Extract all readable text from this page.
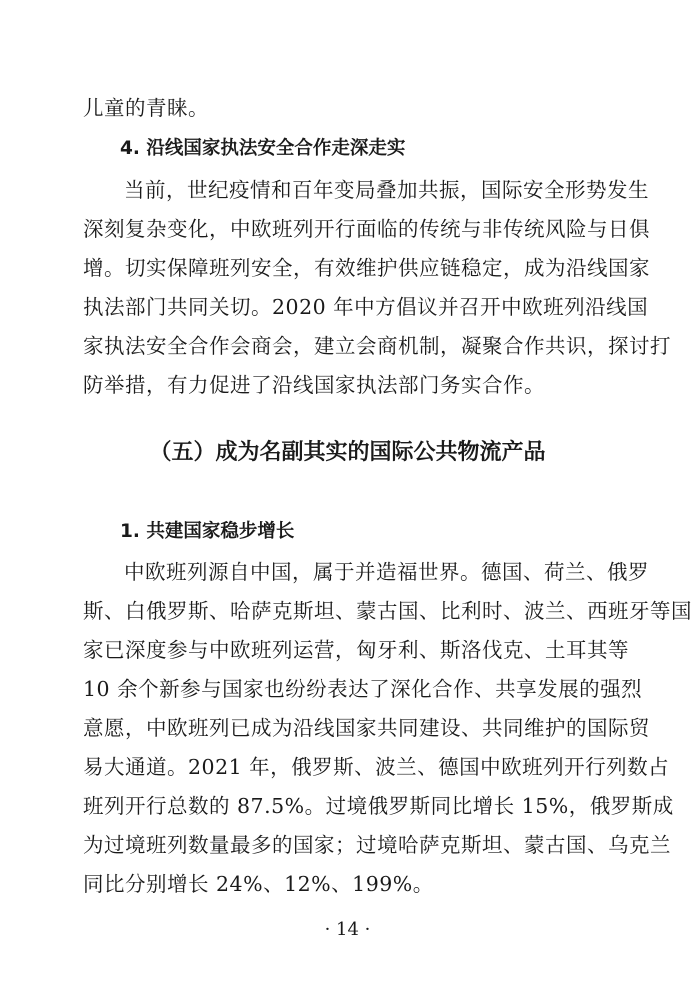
儿童的青睐。
4. 沿线国家执法安全合作走深走实
当前，世纪疫情和百年变局叠加共振，国际安全形势发生
深刻复杂变化，中欧班列开行面临的传统与非传统风险与日俱
增。切实保障班列安全，有效维护供应链稳定，成为沿线国家
执法部门共同关切。2020 年中方倡议并召开中欧班列沿线国
家执法安全合作会商会，建立会商机制，凝聚合作共识，探讨打
防举措，有力促进了沿线国家执法部门务实合作。
（五）成为名副其实的国际公共物流产品
1. 共建国家稳步增长
中欧班列源自中国，属于并造福世界。德国、荷兰、俄罗
斯、白俄罗斯、哈萨克斯坦、蒙古国、比利时、波兰、西班牙等国
家已深度参与中欧班列运营，匈牙利、斯洛伐克、土耳其等
10 余个新参与国家也纷纷表达了深化合作、共享发展的强烈
意愿，中欧班列已成为沿线国家共同建设、共同维护的国际贸
易大通道。2021 年，俄罗斯、波兰、德国中欧班列开行列数占
班列开行总数的 87.5%。过境俄罗斯同比增长 15%，俄罗斯成
为过境班列数量最多的国家；过境哈萨克斯坦、蒙古国、乌克兰
同比分别增长 24%、12%、199%。
· 14 ·
